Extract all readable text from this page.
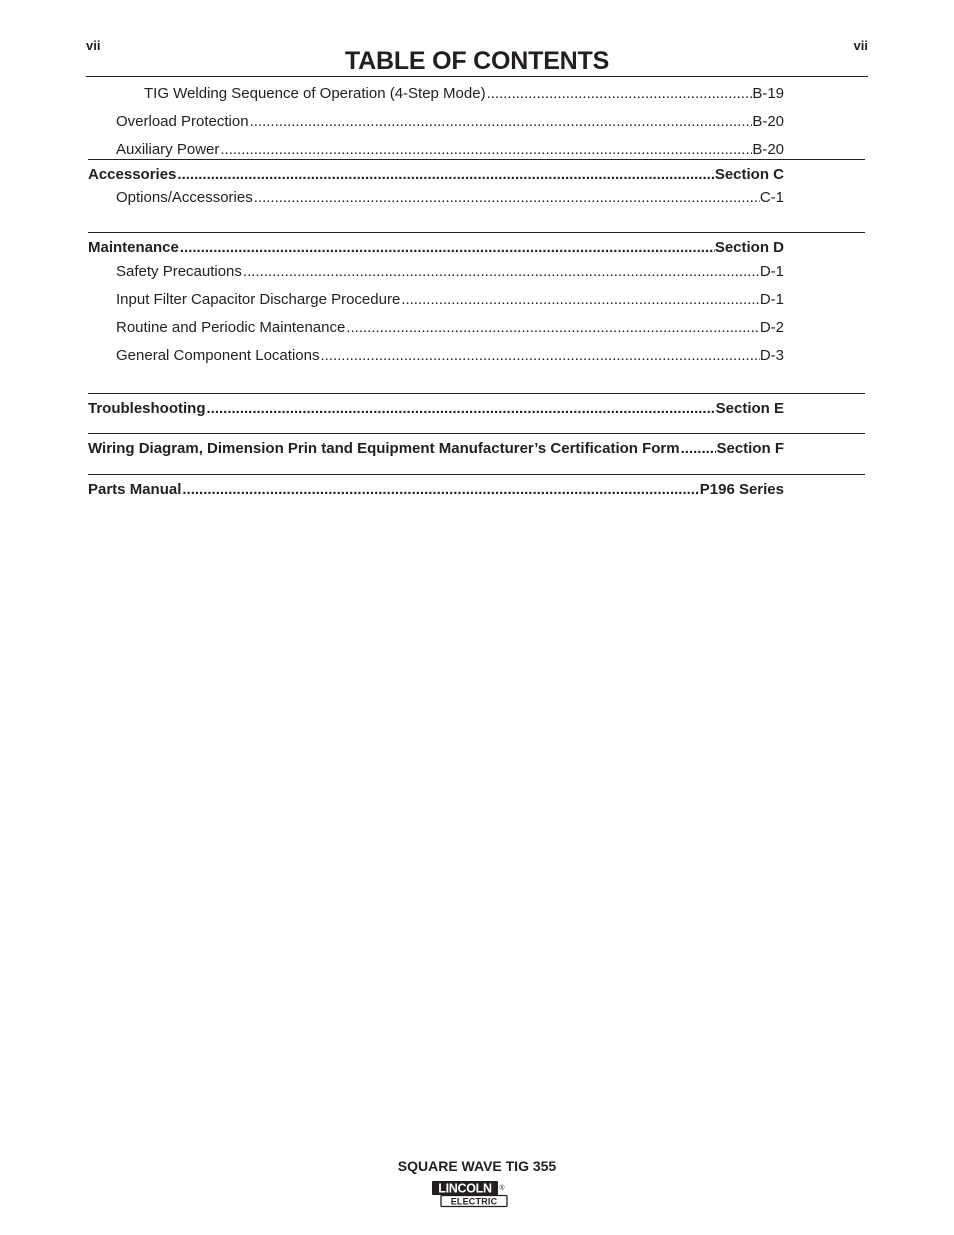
vii	vii
TABLE OF CONTENTS
TIG Welding Sequence of Operation (4-Step Mode) .....	B-19
Overload Protection .....	B-20
Auxiliary Power .....	B-20
Accessories .....	Section C
Options/Accessories .....	C-1
Maintenance .....	Section D
Safety Precautions .....	D-1
Input Filter Capacitor Discharge Procedure .....	D-1
Routine and Periodic Maintenance .....	D-2
General Component Locations .....	D-3
Troubleshooting .....	Section E
Wiring Diagram, Dimension Prin tand Equipment Manufacturer’s Certification Form ..... Section F
Parts Manual .....	P196 Series
SQUARE WAVE TIG 355
LINCOLN ®
ELECTRIC
